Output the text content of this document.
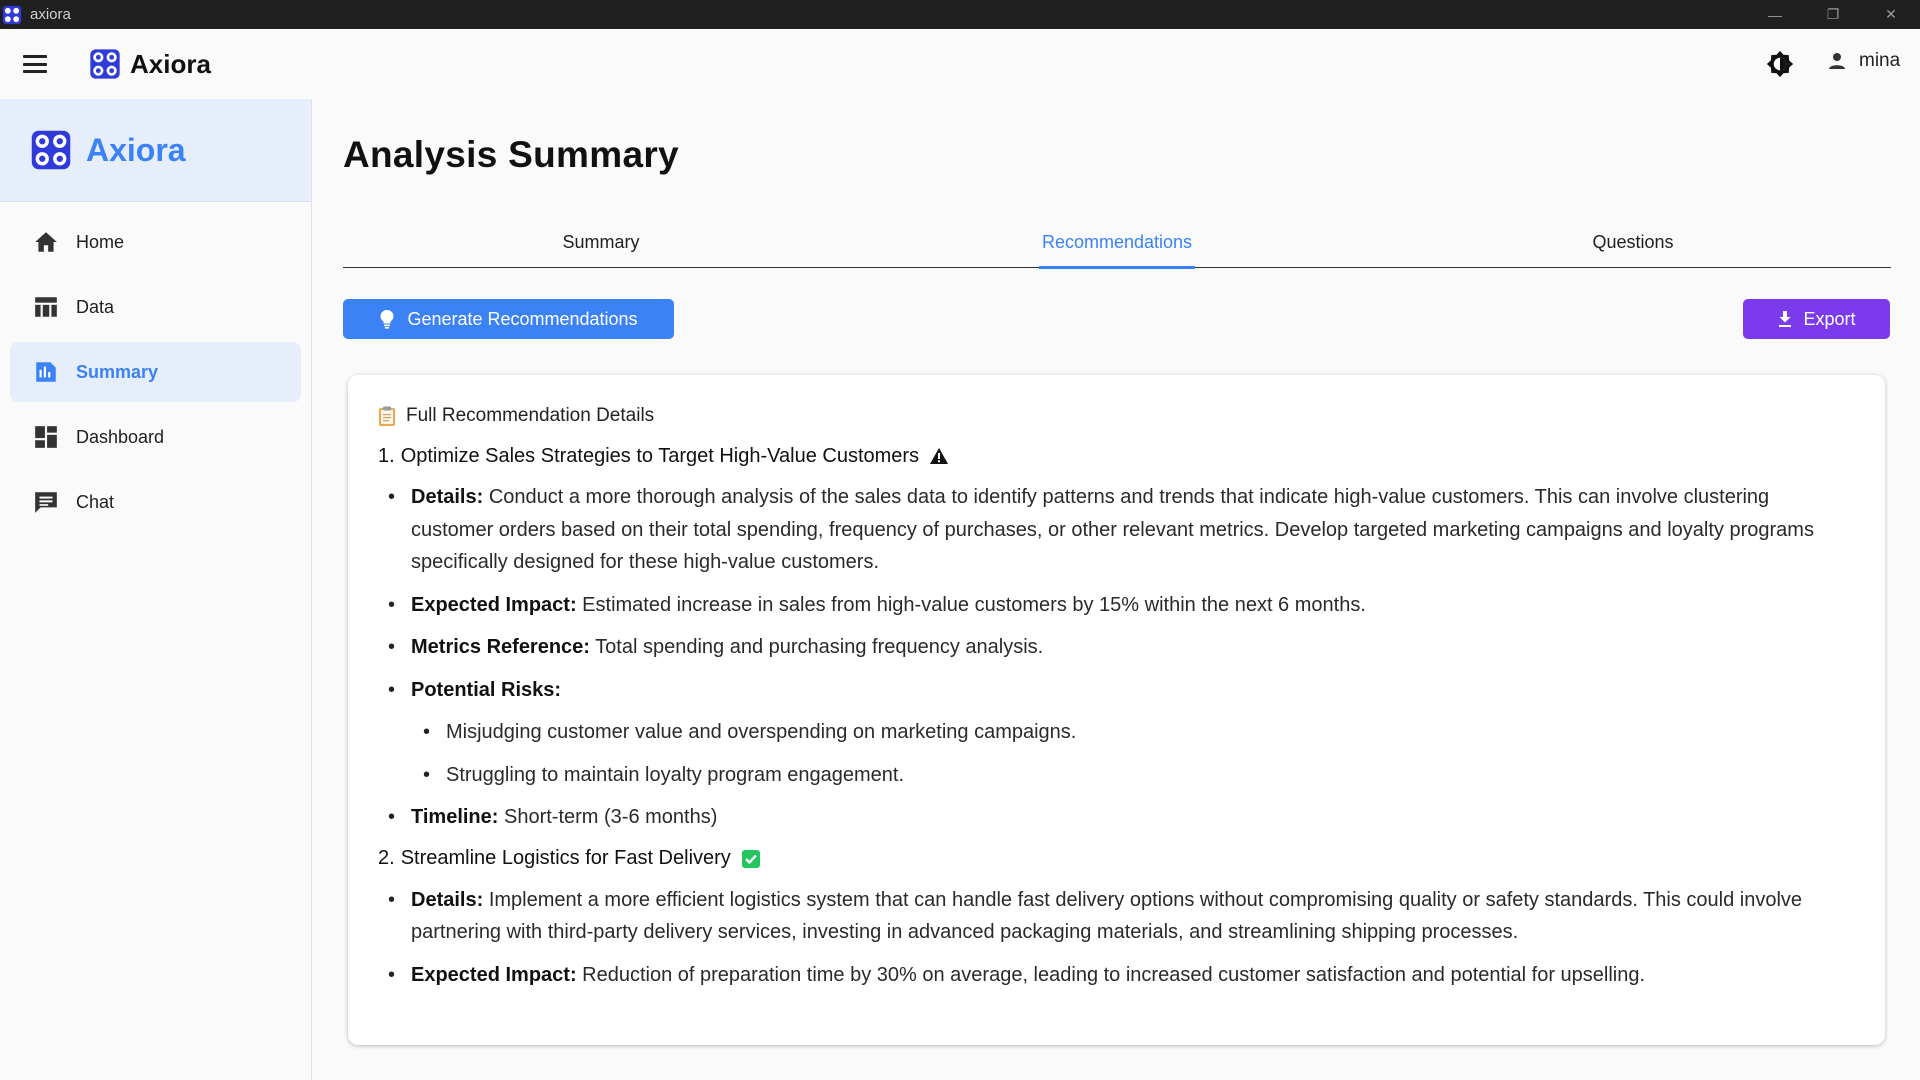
axiora	—	❐	✕
Axiora	mina
Axiora
Home
Data
Summary
Dashboard
Chat
Analysis Summary
Summary	Recommendations	Questions
Generate Recommendations	Export
Full Recommendation Details
1. Optimize Sales Strategies to Target High-Value Customers
• Details: Conduct a more thorough analysis of the sales data to identify patterns and trends that indicate high-value customers. This can involve clustering customer orders based on their total spending, frequency of purchases, or other relevant metrics. Develop targeted marketing campaigns and loyalty programs specifically designed for these high-value customers.
• Expected Impact: Estimated increase in sales from high-value customers by 15% within the next 6 months.
• Metrics Reference: Total spending and purchasing frequency analysis.
• Potential Risks:
• Misjudging customer value and overspending on marketing campaigns.
• Struggling to maintain loyalty program engagement.
• Timeline: Short-term (3-6 months)
2. Streamline Logistics for Fast Delivery
• Details: Implement a more efficient logistics system that can handle fast delivery options without compromising quality or safety standards. This could involve partnering with third-party delivery services, investing in advanced packaging materials, and streamlining shipping processes.
• Expected Impact: Reduction of preparation time by 30% on average, leading to increased customer satisfaction and potential for upselling.
